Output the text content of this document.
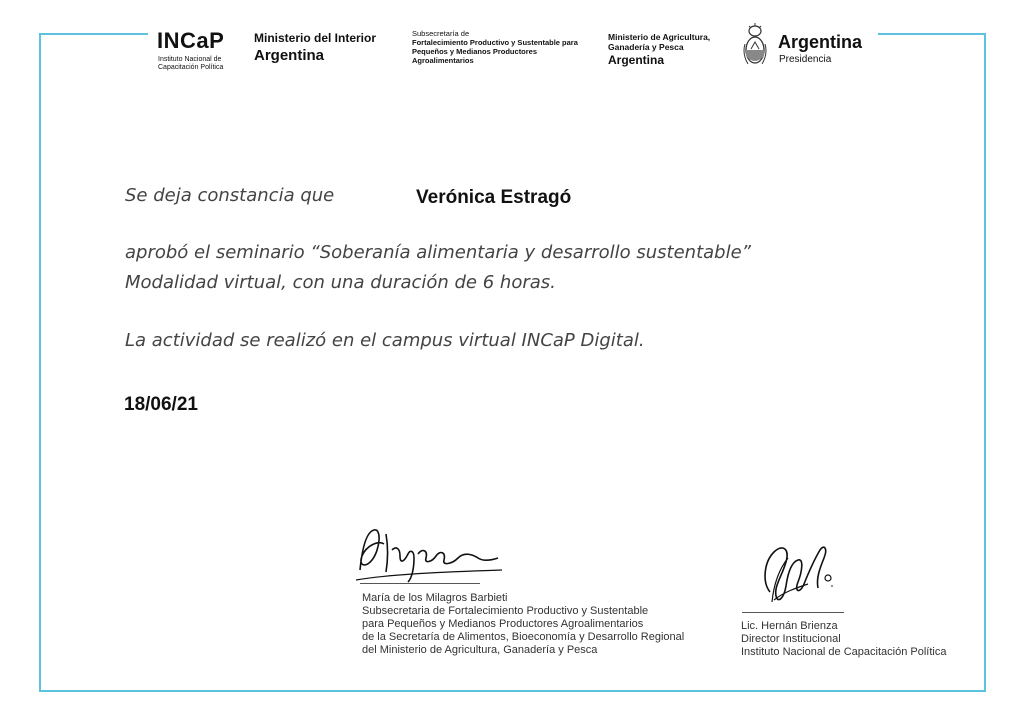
INCaP
Instituto Nacional de Capacitación Política
Ministerio del Interior
Argentina
Subsecretaría de
Fortalecimiento Productivo y Sustentable para Pequeños y Medianos Productores Agroalimentarios
Ministerio de Agricultura, Ganadería y Pesca
Argentina
Argentina
Presidencia
Se deja constancia que	Verónica Estragó
aprobó el seminario “Soberanía alimentaria y desarrollo sustentable”
Modalidad virtual, con una duración de 6 horas.
La actividad se realizó en el campus virtual INCaP Digital.
18/06/21
María de los Milagros Barbieti
Subsecretaria de Fortalecimiento Productivo y Sustentable
para Pequeños y Medianos Productores Agroalimentarios
de la Secretaría de Alimentos, Bioeconomía y Desarrollo Regional
del Ministerio de Agricultura, Ganadería y Pesca
Lic. Hernán Brienza
Director Institucional
Instituto Nacional de Capacitación Política
